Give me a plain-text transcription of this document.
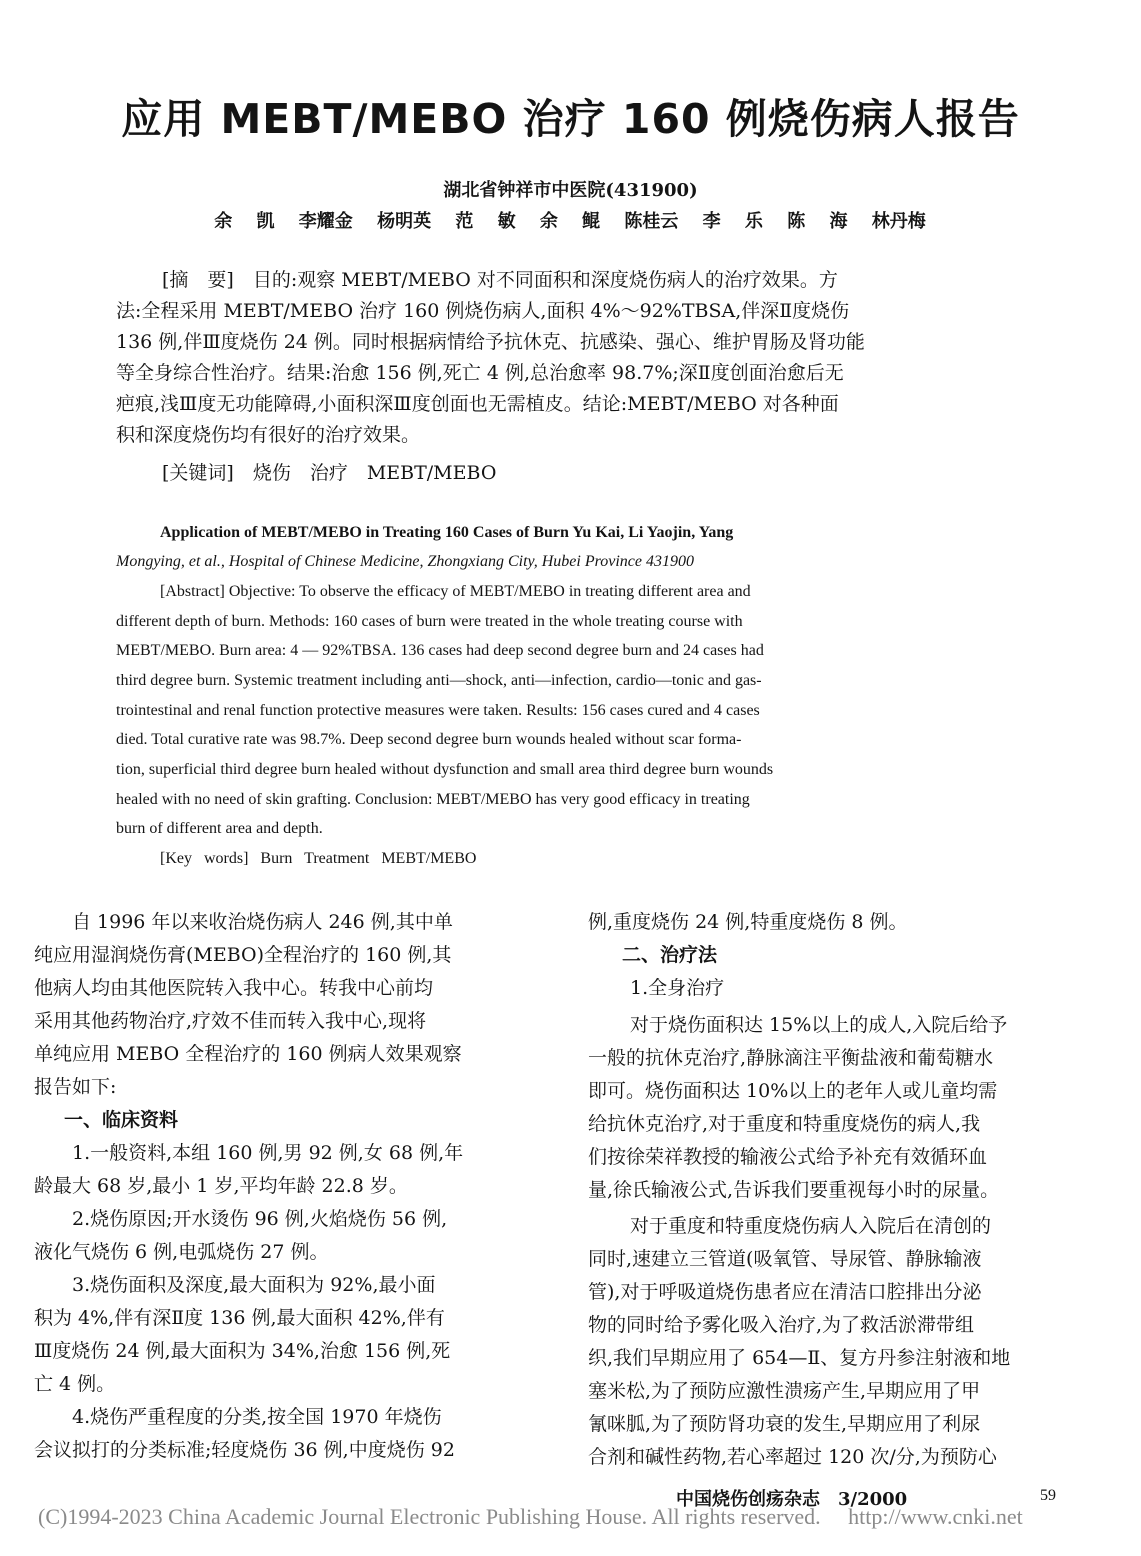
应用 MEBT/MEBO 治疗 160 例烧伤病人报告
湖北省钟祥市中医院(431900)
余 凯 李耀金 杨明英 范 敏 余 鲲 陈桂云 李 乐 陈 海 林丹梅
[摘　要]　目的:观察 MEBT/MEBO 对不同面积和深度烧伤病人的治疗效果。方
法:全程采用 MEBT/MEBO 治疗 160 例烧伤病人,面积 4%～92%TBSA,伴深Ⅱ度烧伤
136 例,伴Ⅲ度烧伤 24 例。同时根据病情给予抗休克、抗感染、强心、维护胃肠及肾功能
等全身综合性治疗。结果:治愈 156 例,死亡 4 例,总治愈率 98.7%;深Ⅱ度创面治愈后无
疤痕,浅Ⅲ度无功能障碍,小面积深Ⅲ度创面也无需植皮。结论:MEBT/MEBO 对各种面
积和深度烧伤均有很好的治疗效果。
[关键词]　烧伤　治疗　MEBT/MEBO
Application of MEBT/MEBO in Treating 160 Cases of Burn Yu Kai, Li Yaojin, Yang
Mongying, et al., Hospital of Chinese Medicine, Zhongxiang City, Hubei Province 431900
[Abstract] Objective: To observe the efficacy of MEBT/MEBO in treating different area and
different depth of burn. Methods: 160 cases of burn were treated in the whole treating course with
MEBT/MEBO. Burn area: 4 — 92%TBSA. 136 cases had deep second degree burn and 24 cases had
third degree burn. Systemic treatment including anti—shock, anti—infection, cardio—tonic and gas-
trointestinal and renal function protective measures were taken. Results: 156 cases cured and 4 cases
died. Total curative rate was 98.7%. Deep second degree burn wounds healed without scar forma-
tion, superficial third degree burn healed without dysfunction and small area third degree burn wounds
healed with no need of skin grafting. Conclusion: MEBT/MEBO has very good efficacy in treating
burn of different area and depth.
[Key words] Burn Treatment MEBT/MEBO
自 1996 年以来收治烧伤病人 246 例,其中单
纯应用湿润烧伤膏(MEBO)全程治疗的 160 例,其
他病人均由其他医院转入我中心。转我中心前均
采用其他药物治疗,疗效不佳而转入我中心,现将
单纯应用 MEBO 全程治疗的 160 例病人效果观察
报告如下:
一、临床资料
1.一般资料,本组 160 例,男 92 例,女 68 例,年
龄最大 68 岁,最小 1 岁,平均年龄 22.8 岁。
2.烧伤原因;开水烫伤 96 例,火焰烧伤 56 例,
液化气烧伤 6 例,电弧烧伤 27 例。
3.烧伤面积及深度,最大面积为 92%,最小面
积为 4%,伴有深Ⅱ度 136 例,最大面积 42%,伴有
Ⅲ度烧伤 24 例,最大面积为 34%,治愈 156 例,死
亡 4 例。
4.烧伤严重程度的分类,按全国 1970 年烧伤
会议拟打的分类标准;轻度烧伤 36 例,中度烧伤 92
例,重度烧伤 24 例,特重度烧伤 8 例。
二、治疗法
1.全身治疗
对于烧伤面积达 15%以上的成人,入院后给予
一般的抗休克治疗,静脉滴注平衡盐液和葡萄糖水
即可。烧伤面积达 10%以上的老年人或儿童均需
给抗休克治疗,对于重度和特重度烧伤的病人,我
们按徐荣祥教授的输液公式给予补充有效循环血
量,徐氏输液公式,告诉我们要重视每小时的尿量。
对于重度和特重度烧伤病人入院后在清创的
同时,速建立三管道(吸氧管、导尿管、静脉输液
管),对于呼吸道烧伤患者应在清洁口腔排出分泌
物的同时给予雾化吸入治疗,为了救活淤滞带组
织,我们早期应用了 654—Ⅱ、复方丹参注射液和地
塞米松,为了预防应激性溃疡产生,早期应用了甲
氰咪胍,为了预防肾功衰的发生,早期应用了利尿
合剂和碱性药物,若心率超过 120 次/分,为预防心
中国烧伤创疡杂志　3/2000	59
(C)1994-2023 China Academic Journal Electronic Publishing House. All rights reserved.　 http://www.cnki.net
